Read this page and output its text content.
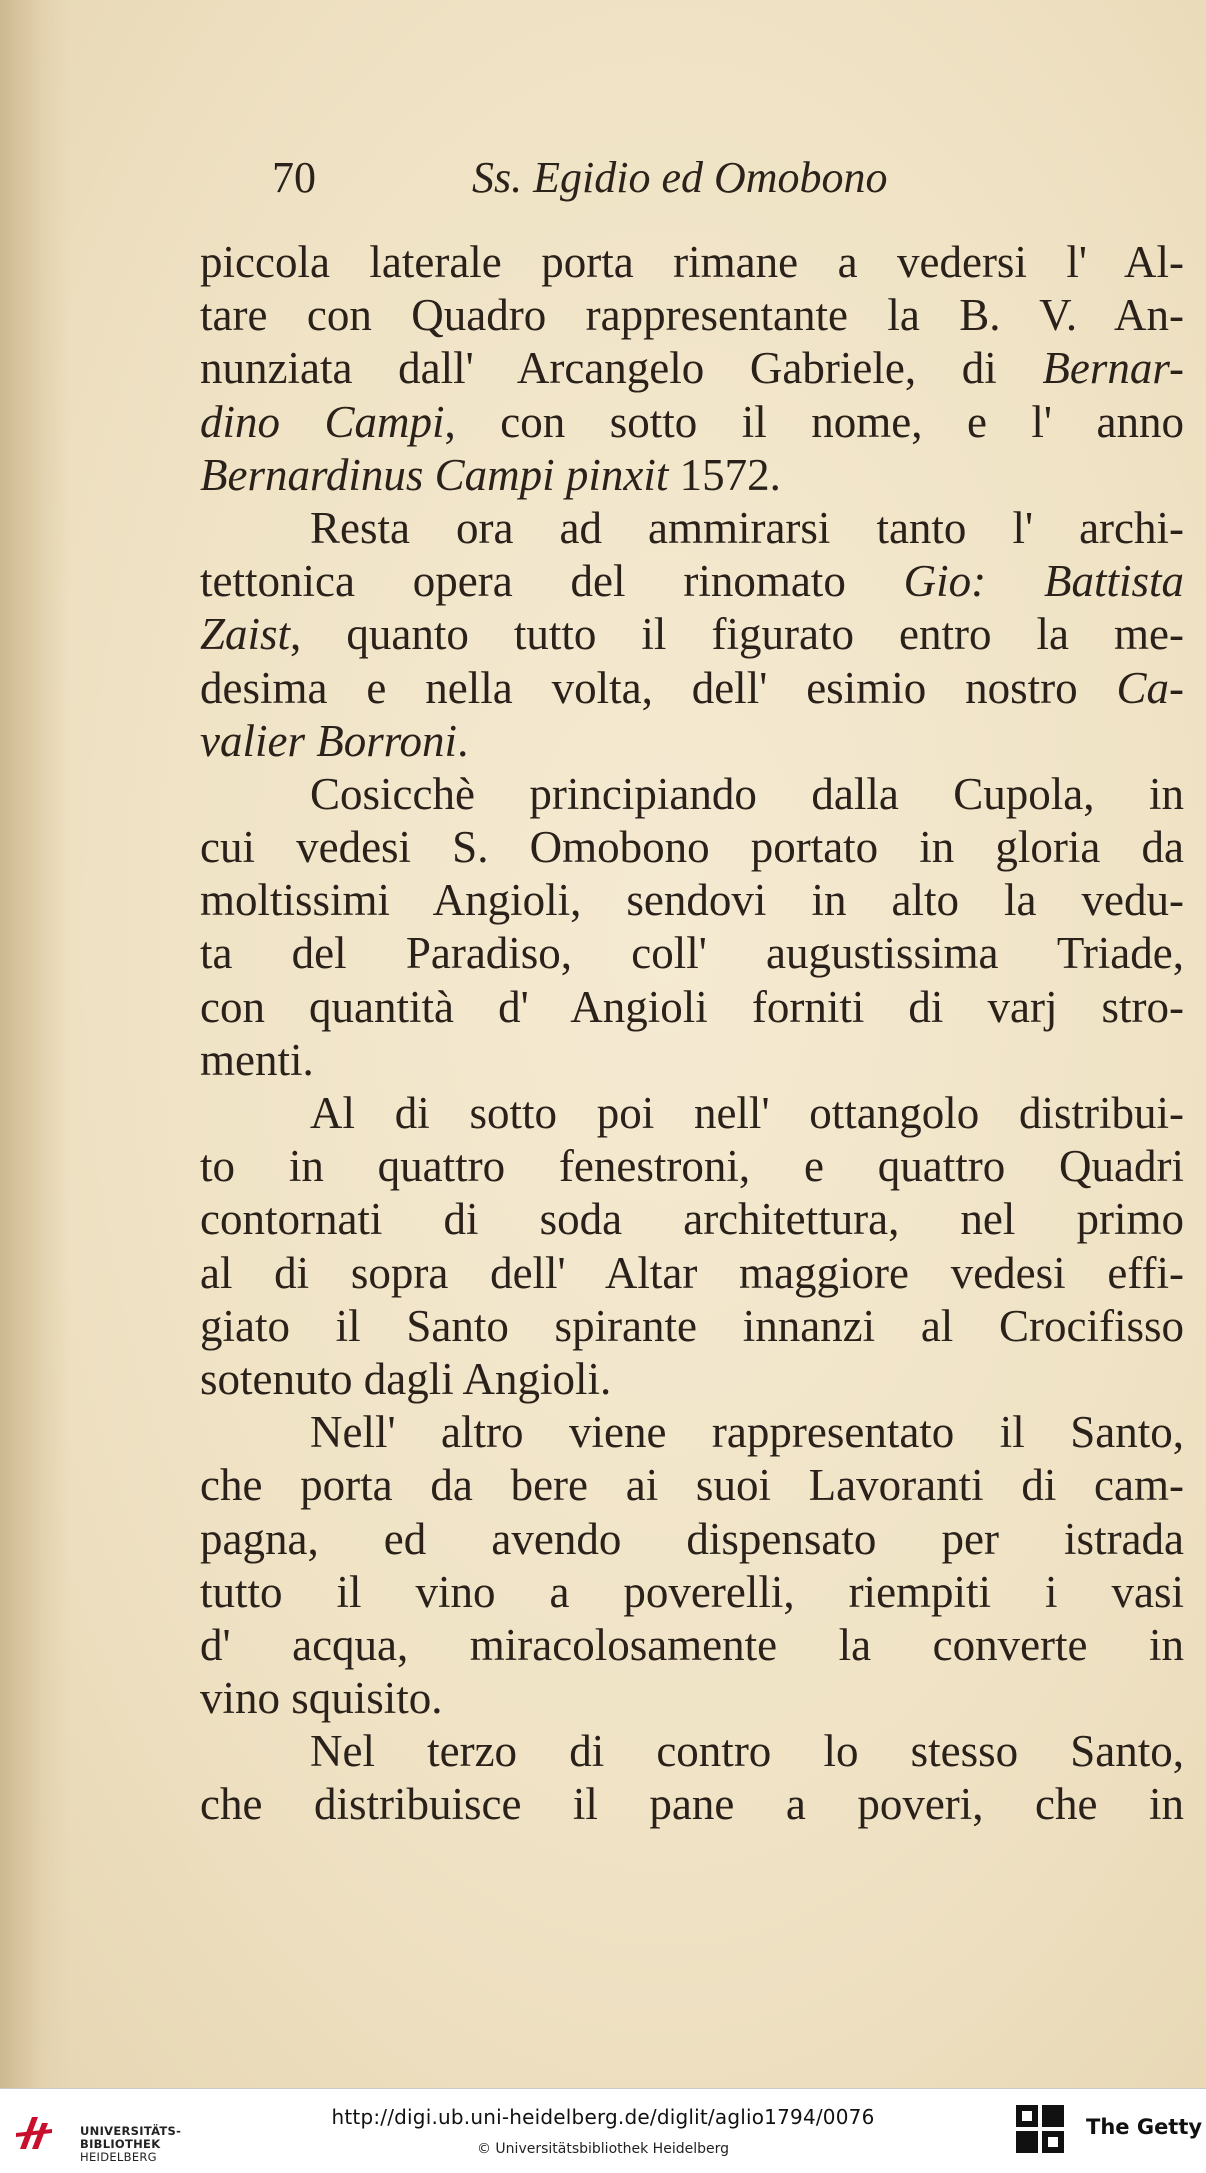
70	Ss. Egidio ed Omobono
piccola laterale porta rimane a vedersi l' Al-
tare con Quadro rappresentante la B. V. An-
nunziata dall' Arcangelo Gabriele, di Bernar-
dino Campi, con sotto il nome, e l' anno
Bernardinus Campi pinxit 1572.
Resta ora ad ammirarsi tanto l' archi-
tettonica opera del rinomato Gio: Battista
Zaist, quanto tutto il figurato entro la me-
desima e nella volta, dell' esimio nostro Ca-
valier Borroni.
Cosicchè principiando dalla Cupola, in
cui vedesi S. Omobono portato in gloria da
moltissimi Angioli, sendovi in alto la vedu-
ta del Paradiso, coll' augustissima Triade,
con quantità d' Angioli forniti di varj stro-
menti.
Al di sotto poi nell' ottangolo distribui-
to in quattro fenestroni, e quattro Quadri
contornati di soda architettura, nel primo
al di sopra dell' Altar maggiore vedesi effi-
giato il Santo spirante innanzi al Crocifisso
sotenuto dagli Angioli.
Nell' altro viene rappresentato il Santo,
che porta da bere ai suoi Lavoranti di cam-
pagna, ed avendo dispensato per istrada
tutto il vino a poverelli, riempiti i vasi
d' acqua, miracolosamente la converte in
vino squisito.
Nel terzo di contro lo stesso Santo,
che distribuisce il pane a poveri, che in
UNIVERSITÄTS-
BIBLIOTHEK
HEIDELBERG
http://digi.ub.uni-heidelberg.de/diglit/aglio1794/0076
© Universitätsbibliothek Heidelberg
The Getty
